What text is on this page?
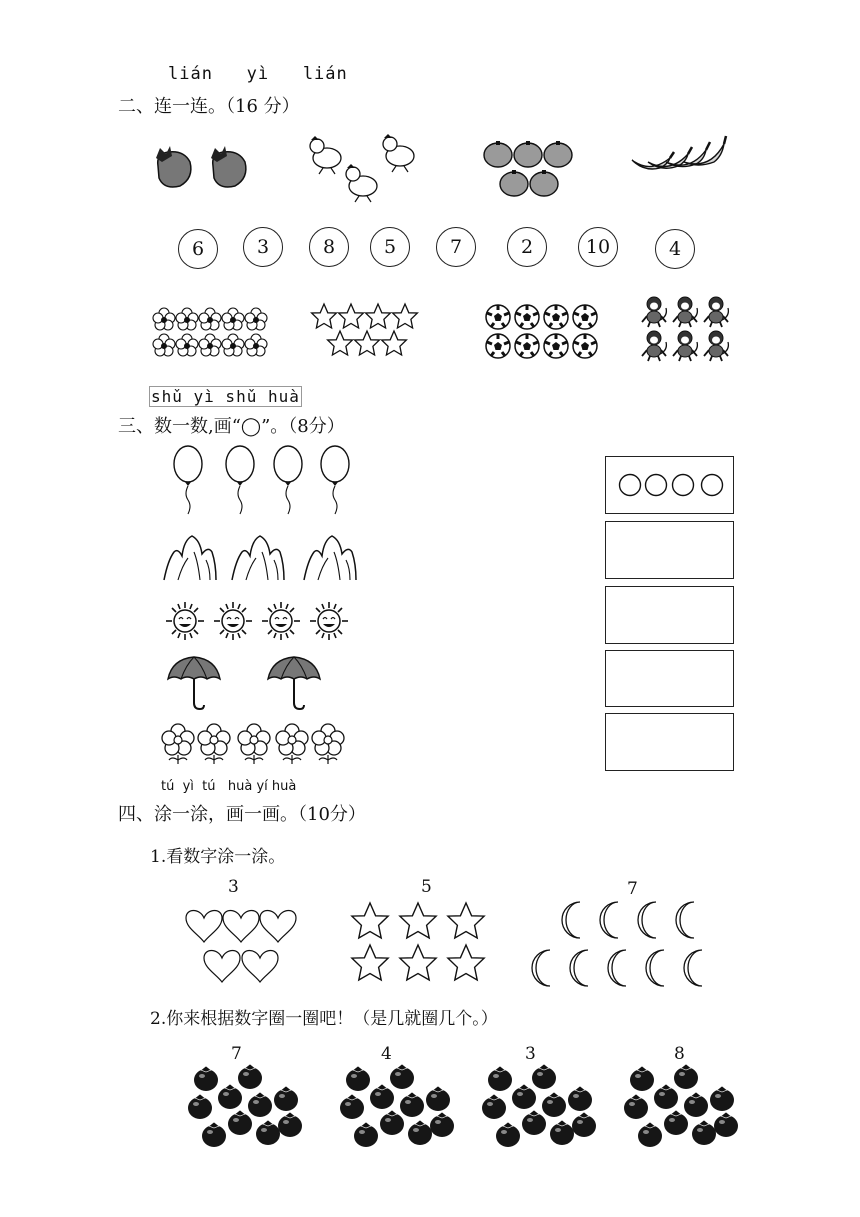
lián   yì   lián
二、连一连。（16 分）
6	3	8	5	7	2	10	4
shǔ yì shǔ huà
三、数一数,画“◯”。（8分）
tú  yì  tú   huà yí huà
四、涂一涂，画一画。（10分）
1.看数字涂一涂。
3	5	7
2.你来根据数字圈一圈吧！（是几就圈几个。）
7	4	3	8
